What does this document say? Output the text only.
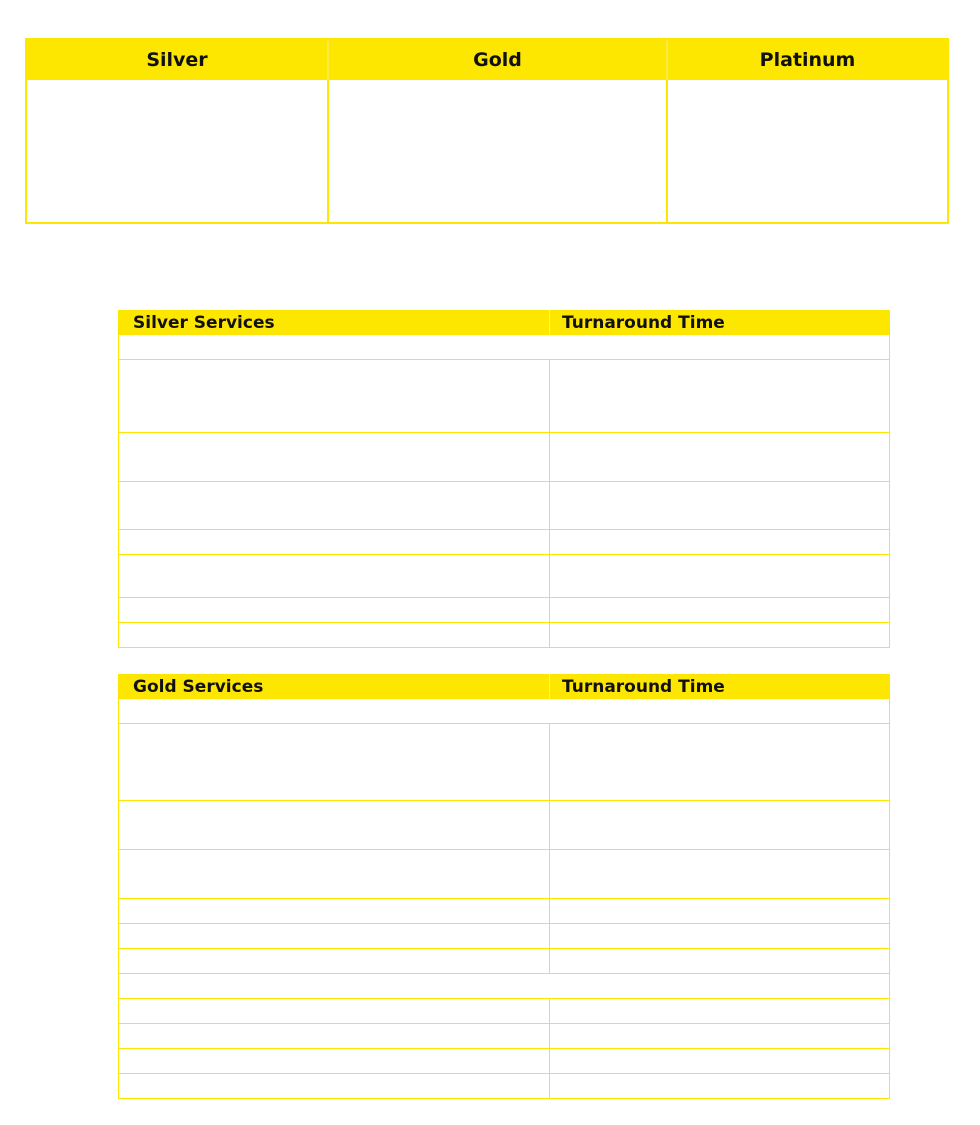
Silver	Gold	Platinum
Silver Services	Turnaround Time
Gold Services	Turnaround Time
